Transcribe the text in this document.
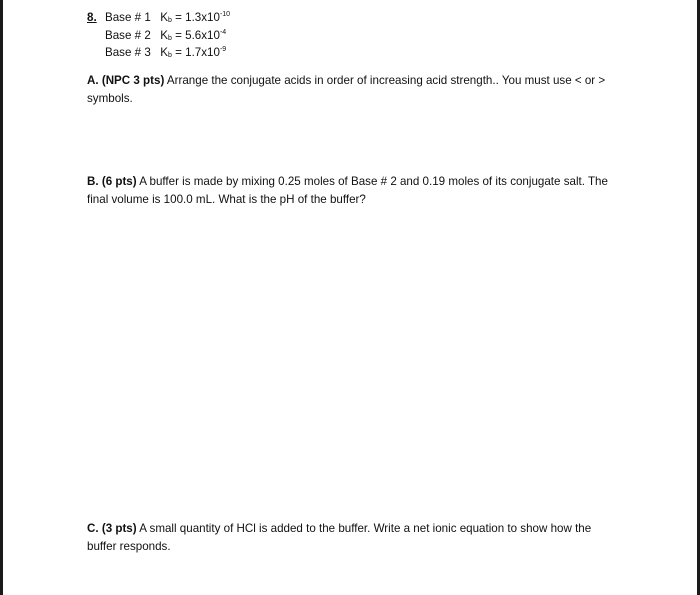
8. Base # 1 $K_b = 1.3x10^{-10}$
Base # 2 $K_b = 5.6x10^{-4}$
Base # 3 $K_b = 1.7x10^{-9}$

A. (NPC 3 pts) Arrange the conjugate acids in order of increasing acid strength.. You must use < or > symbols.

B. (6 pts) A buffer is made by mixing 0.25 moles of Base # 2 and 0.19 moles of its conjugate salt. The final volume is 100.0 mL. What is the pH of the buffer?

C. (3 pts) A small quantity of HCl is added to the buffer. Write a net ionic equation to show how the buffer responds.
